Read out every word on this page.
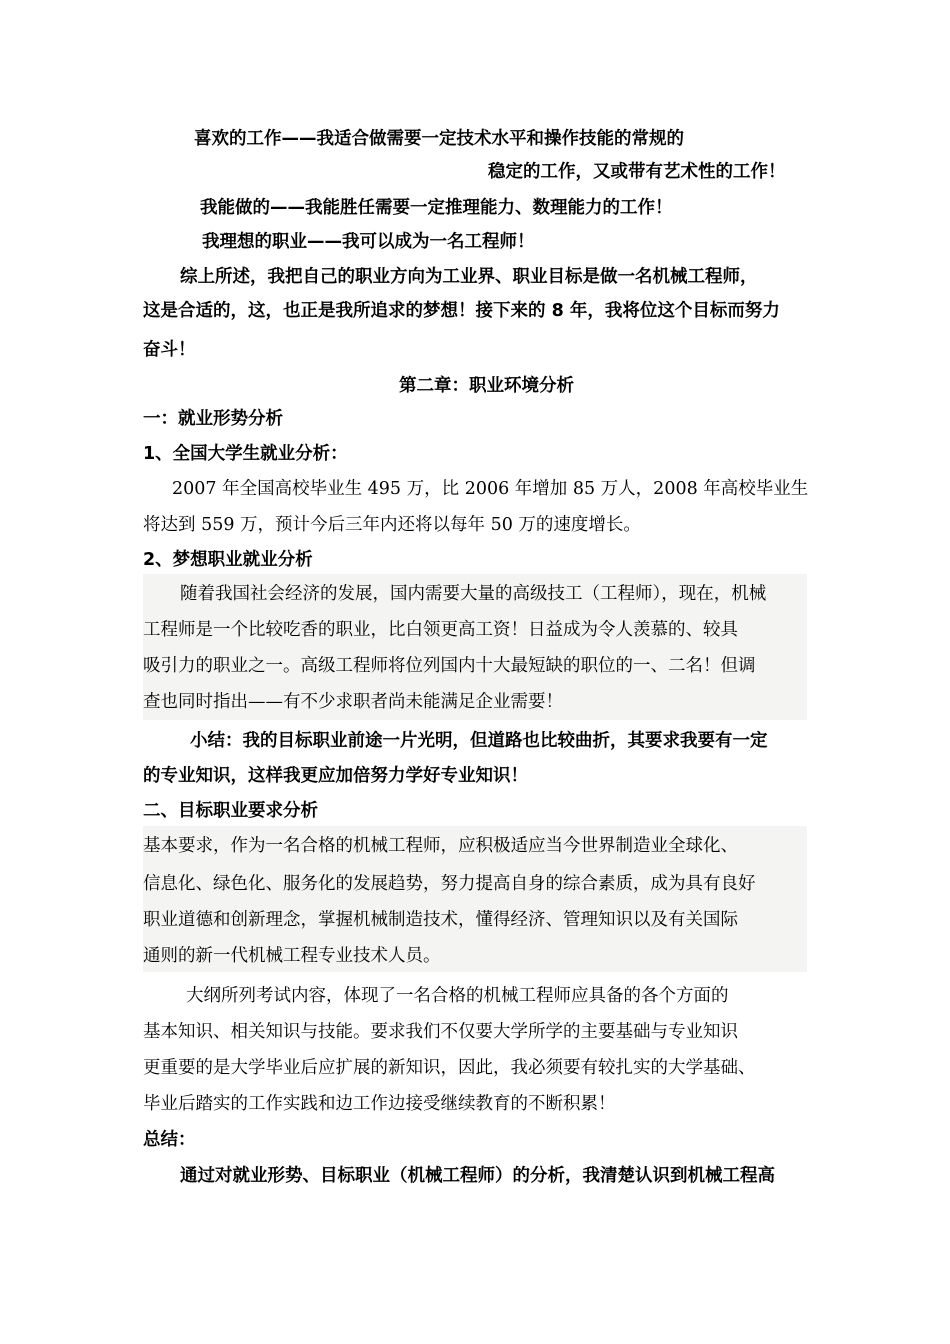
喜欢的工作——我适合做需要一定技术水平和操作技能的常规的
稳定的工作，又或带有艺术性的工作！
我能做的——我能胜任需要一定推理能力、数理能力的工作！
我理想的职业——我可以成为一名工程师！
综上所述，我把自己的职业方向为工业界、职业目标是做一名机械工程师，
这是合适的，这，也正是我所追求的梦想！接下来的 8 年，我将位这个目标而努力
奋斗！
第二章：职业环境分析
一：就业形势分析
1、全国大学生就业分析：
2007 年全国高校毕业生 495 万，比 2006 年增加 85 万人，2008 年高校毕业生
将达到 559 万，预计今后三年内还将以每年 50 万的速度增长。
2、梦想职业就业分析
随着我国社会经济的发展，国内需要大量的高级技工（工程师），现在，机械
工程师是一个比较吃香的职业，比白领更高工资！日益成为令人羡慕的、较具
吸引力的职业之一。高级工程师将位列国内十大最短缺的职位的一、二名！但调
查也同时指出——有不少求职者尚未能满足企业需要！
小结：我的目标职业前途一片光明，但道路也比较曲折，其要求我要有一定
的专业知识，这样我更应加倍努力学好专业知识！
二、目标职业要求分析
基本要求，作为一名合格的机械工程师，应积极适应当今世界制造业全球化、
信息化、绿色化、服务化的发展趋势，努力提高自身的综合素质，成为具有良好
职业道德和创新理念，掌握机械制造技术，懂得经济、管理知识以及有关国际
通则的新一代机械工程专业技术人员。
大纲所列考试内容，体现了一名合格的机械工程师应具备的各个方面的
基本知识、相关知识与技能。要求我们不仅要大学所学的主要基础与专业知识
更重要的是大学毕业后应扩展的新知识，因此，我必须要有较扎实的大学基础、
毕业后踏实的工作实践和边工作边接受继续教育的不断积累！
总结：
通过对就业形势、目标职业（机械工程师）的分析，我清楚认识到机械工程高
